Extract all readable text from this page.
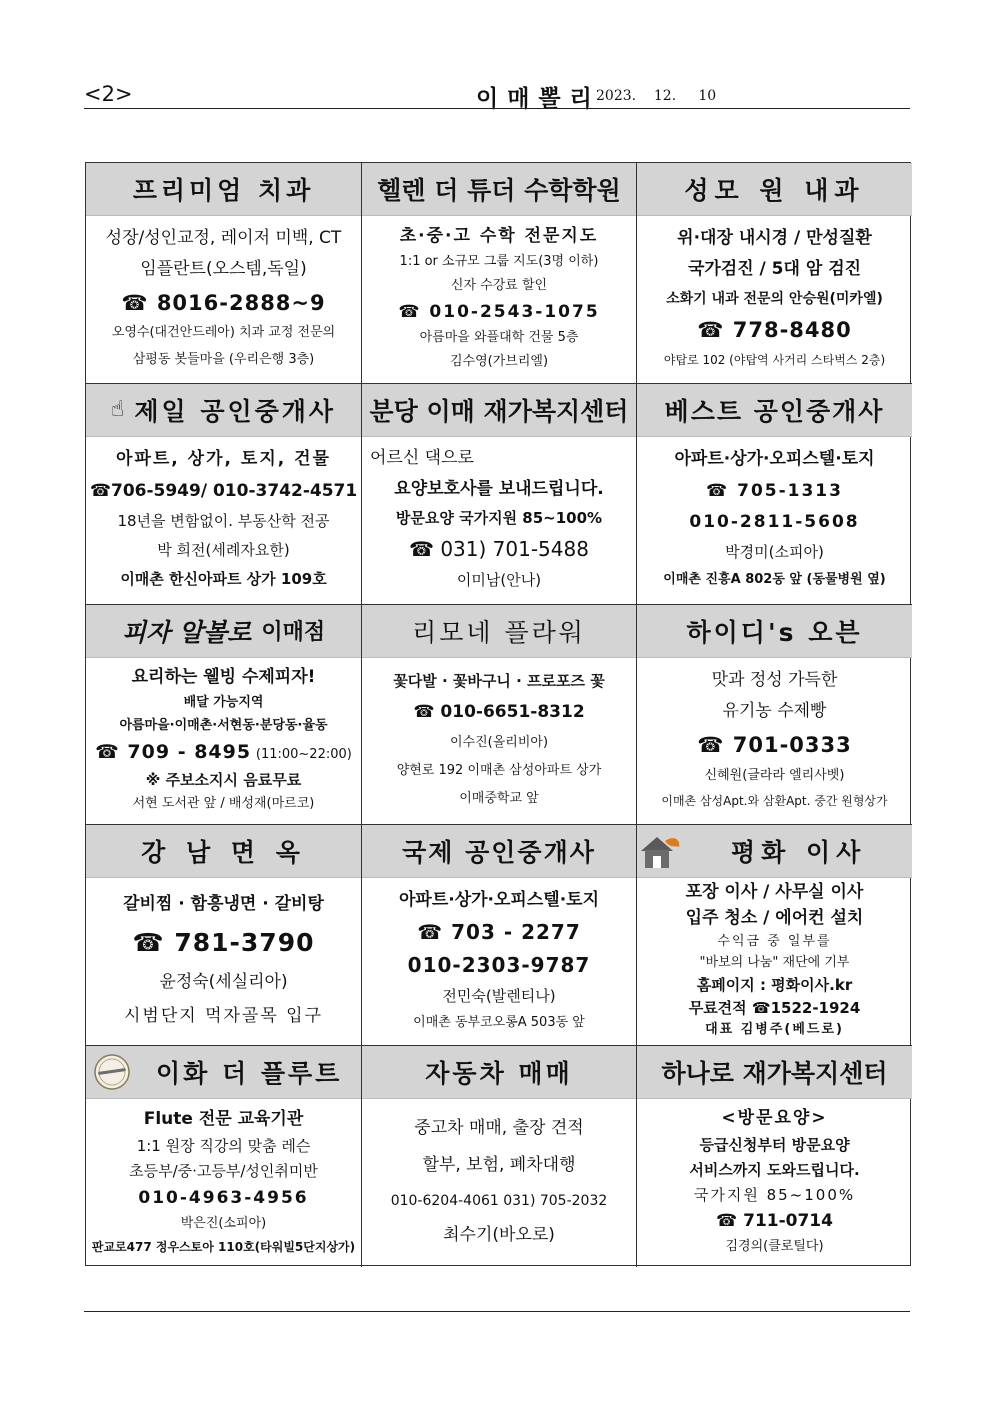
<2>	이매뽈리
2023.    12.     10
프리미엄 치과
성장/성인교정, 레이저 미백, CT
임플란트(오스템,독일)
☎ 8016-2888~9
오영수(대건안드레아) 치과 교정 전문의
삼평동 봇들마을 (우리은행 3층)
헬렌 더 튜더 수학학원
초·중·고 수학 전문지도
1:1 or 소규모 그룹 지도(3명 이하)
신자 수강료 할인
☎ 010-2543-1075
아름마을 와플대학 건물 5층
김수영(가브리엘)
성모 원 내과
위·대장 내시경 / 만성질환
국가검진 / 5대 암 검진
소화기 내과 전문의 안승원(미카엘)
☎ 778-8480
야탑로 102 (야탑역 사거리 스타벅스 2층)
☝ 제일 공인중개사
아파트, 상가, 토지, 건물
☎706-5949/ 010-3742-4571
18년을 변함없이. 부동산학 전공
박 희전(세례자요한)
이매촌 한신아파트 상가 109호
분당 이매 재가복지센터
어르신 댁으로
요양보호사를 보내드립니다.
방문요양 국가지원 85~100%
☎ 031) 701-5488
이미남(안나)
베스트 공인중개사
아파트·상가·오피스텔·토지
☎ 705-1313
010-2811-5608
박경미(소피아)
이매촌 진흥A 802동 앞 (동물병원 옆)
피자 알볼로 이매점
요리하는 웰빙 수제피자!
배달 가능지역
아름마을·이매촌·서현동·분당동·율동
☎ 709 - 8495 (11:00~22:00)
※ 주보소지시 음료무료
서현 도서관 앞 / 배성재(마르코)
리모네 플라워
꽃다발 · 꽃바구니 · 프로포즈 꽃
☎ 010-6651-8312
이수진(올리비아)
양현로 192 이매촌 삼성아파트 상가
이매중학교 앞
하이디's 오븐
맛과 정성 가득한
유기농 수제빵
☎ 701-0333
신혜원(글라라 엘리사벳)
이매촌 삼성Apt.와 삼환Apt. 중간 원형상가
강 남 면 옥
갈비찜 · 함흥냉면 · 갈비탕
☎ 781-3790
윤정숙(세실리아)
시범단지 먹자골목 입구
국제 공인중개사
아파트·상가·오피스텔·토지
☎ 703 - 2277
010-2303-9787
전민숙(발렌티나)
이매촌 동부코오롱A 503동 앞
평화 이사
포장 이사 / 사무실 이사
입주 청소 / 에어컨 설치
수익금 중 일부를
"바보의 나눔" 재단에 기부
홈페이지 : 평화이사.kr
무료견적 ☎1522-1924
대표 김병주(베드로)
이화 더 플루트
Flute 전문 교육기관
1:1 원장 직강의 맞춤 레슨
초등부/중·고등부/성인취미반
010-4963-4956
박은진(소피아)
판교로477 정우스토아 110호(타워빌5단지상가)
자동차 매매
중고차 매매, 출장 견적
할부, 보험, 폐차대행
010-6204-4061 031) 705-2032
최수기(바오로)
하나로 재가복지센터
<방문요양>
등급신청부터 방문요양
서비스까지 도와드립니다.
국가지원 85~100%
☎ 711-0714
김경의(클로틸다)
